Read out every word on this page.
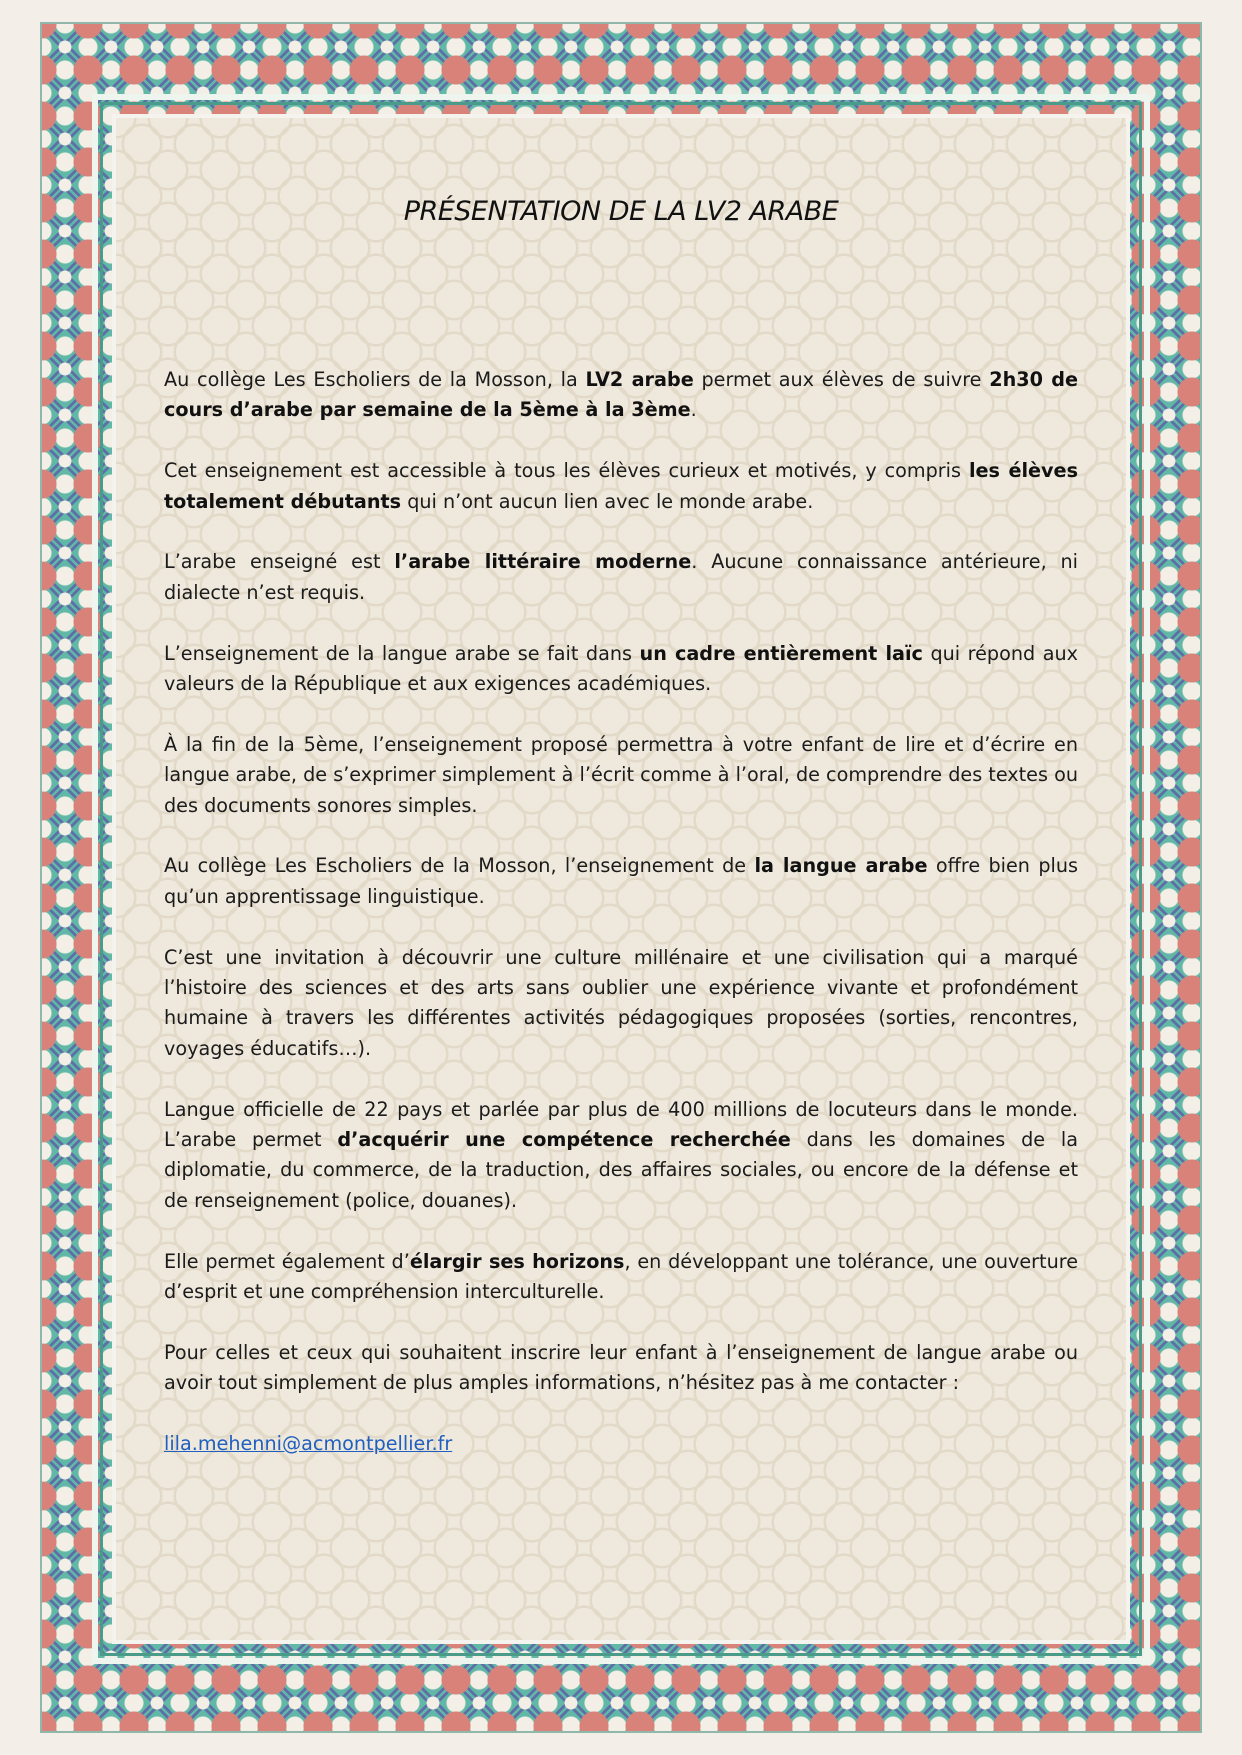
PRÉSENTATION DE LA LV2 ARABE

Au collège Les Escholiers de la Mosson, la LV2 arabe permet aux élèves de suivre 2h30 de cours d’arabe par semaine de la 5ème à la 3ème.

Cet enseignement est accessible à tous les élèves curieux et motivés, y compris les élèves totalement débutants qui n’ont aucun lien avec le monde arabe.

L’arabe enseigné est l’arabe littéraire moderne. Aucune connaissance antérieure, ni dialecte n’est requis.

L’enseignement de la langue arabe se fait dans un cadre entièrement laïc qui répond aux valeurs de la République et aux exigences académiques.

À la fin de la 5ème, l’enseignement proposé permettra à votre enfant de lire et d’écrire en langue arabe, de s’exprimer simplement à l’écrit comme à l’oral, de comprendre des textes ou des documents sonores simples.

Au collège Les Escholiers de la Mosson, l’enseignement de la langue arabe offre bien plus qu’un apprentissage linguistique.

C’est une invitation à découvrir une culture millénaire et une civilisation qui a marqué l’histoire des sciences et des arts sans oublier une expérience vivante et profondément humaine à travers les différentes activités pédagogiques proposées (sorties, rencontres, voyages éducatifs…).

Langue officielle de 22 pays et parlée par plus de 400 millions de locuteurs dans le monde. L’arabe permet d’acquérir une compétence recherchée dans les domaines de la diplomatie, du commerce, de la traduction, des affaires sociales, ou encore de la défense et de renseignement (police, douanes).

Elle permet également d’élargir ses horizons, en développant une tolérance, une ouverture d’esprit et une compréhension interculturelle.

Pour celles et ceux qui souhaitent inscrire leur enfant à l’enseignement de langue arabe ou avoir tout simplement de plus amples informations, n’hésitez pas à me contacter :

lila.mehenni@acmontpellier.fr
